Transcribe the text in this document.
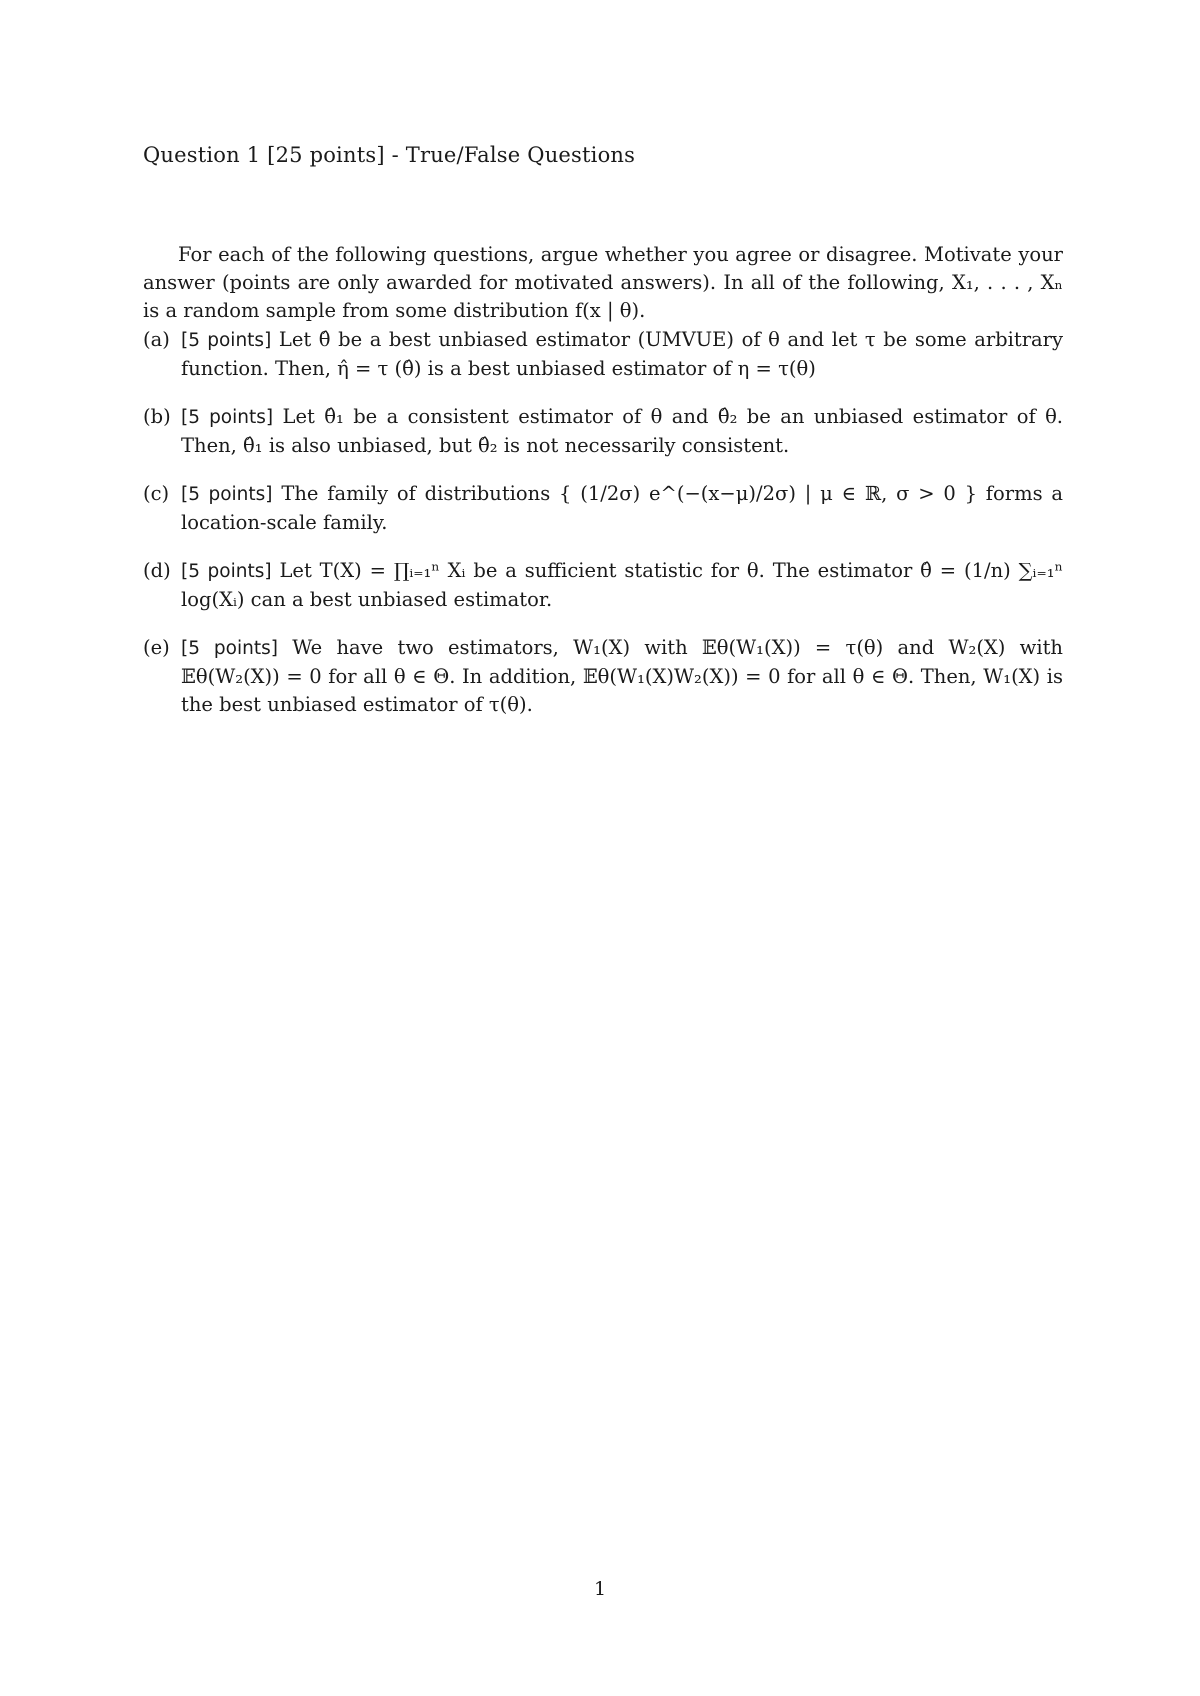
Question 1 [25 points] - True/False Questions

For each of the following questions, argue whether you agree or disagree. Motivate your answer (points are only awarded for motivated answers). In all of the following, X₁, . . . , Xₙ is a random sample from some distribution f(x | θ).

(a) [5 points] Let θ̂ be a best unbiased estimator (UMVUE) of θ and let τ be some arbitrary function. Then, η̂ = τ (θ̂) is a best unbiased estimator of η = τ(θ)
(b) [5 points] Let θ̂₁ be a consistent estimator of θ and θ̂₂ be an unbiased estimator of θ. Then, θ̂₁ is also unbiased, but θ̂₂ is not necessarily consistent.
(c) [5 points] The family of distributions { (1/2σ) e^(−(x−μ)/2σ) | μ ∈ ℝ, σ > 0 } forms a location-scale family.
(d) [5 points] Let T(X) = ∏ᵢ₌₁ⁿ Xᵢ be a sufficient statistic for θ. The estimator θ̂ = (1/n) ∑ᵢ₌₁ⁿ log(Xᵢ) can a best unbiased estimator.
(e) [5 points] We have two estimators, W₁(X) with 𝔼θ(W₁(X)) = τ(θ) and W₂(X) with 𝔼θ(W₂(X)) = 0 for all θ ∈ Θ. In addition, 𝔼θ(W₁(X)W₂(X)) = 0 for all θ ∈ Θ. Then, W₁(X) is the best unbiased estimator of τ(θ).
1
